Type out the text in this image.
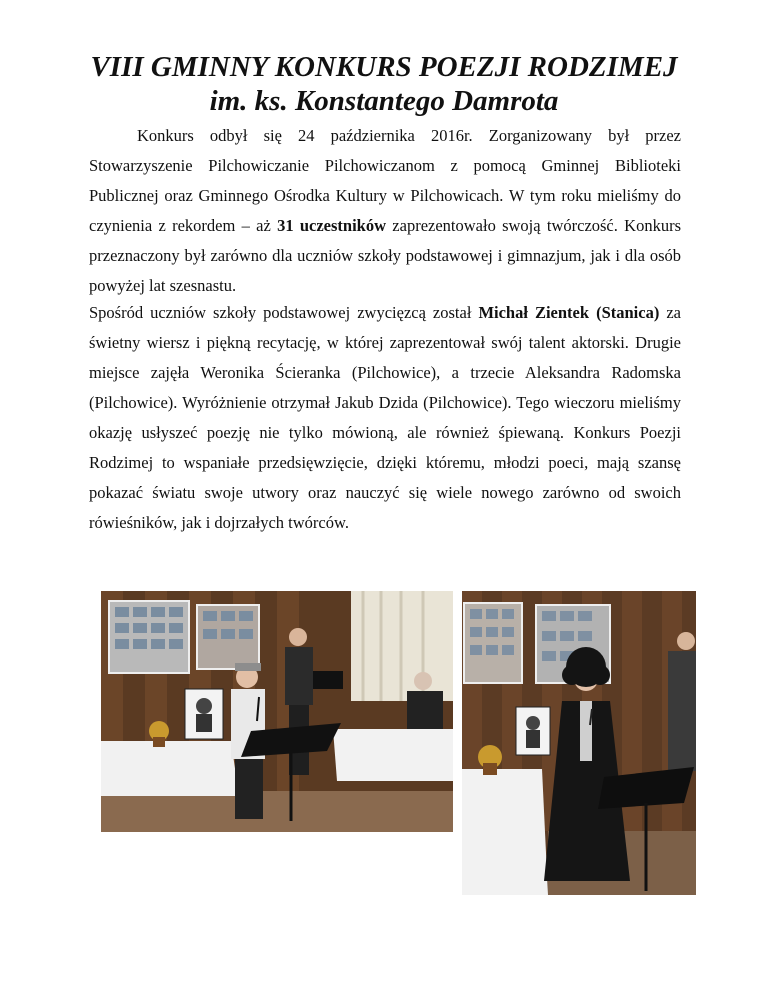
VIII GMINNY KONKURS POEZJI RODZIMEJ
im. ks. Konstantego Damrota

Konkurs odbył się 24 października 2016r. Zorganizowany był przez Stowarzyszenie Pilchowiczanie Pilchowiczanom z pomocą Gminnej Biblioteki Publicznej oraz Gminnego Ośrodka Kultury w Pilchowicach. W tym roku mieliśmy do czynienia z rekordem – aż 31 uczestników zaprezentowało swoją twórczość. Konkurs przeznaczony był zarówno dla uczniów szkoły podstawowej i gimnazjum, jak i dla osób powyżej lat szesnastu.

Spośród uczniów szkoły podstawowej zwycięzcą został Michał Zientek (Stanica) za świetny wiersz i piękną recytację, w której zaprezentował swój talent aktorski. Drugie miejsce zajęła Weronika Ścieranka (Pilchowice), a trzecie Aleksandra Radomska (Pilchowice). Wyróżnienie otrzymał Jakub Dzida (Pilchowice). Tego wieczoru mieliśmy okazję usłyszeć poezję nie tylko mówioną, ale również śpiewaną. Konkurs Poezji Rodzimej to wspaniałe przedsięwzięcie, dzięki któremu, młodzi poeci, mają szansę pokazać światu swoje utwory oraz nauczyć się wiele nowego zarówno od swoich rówieśników, jak i dojrzałych twórców.
